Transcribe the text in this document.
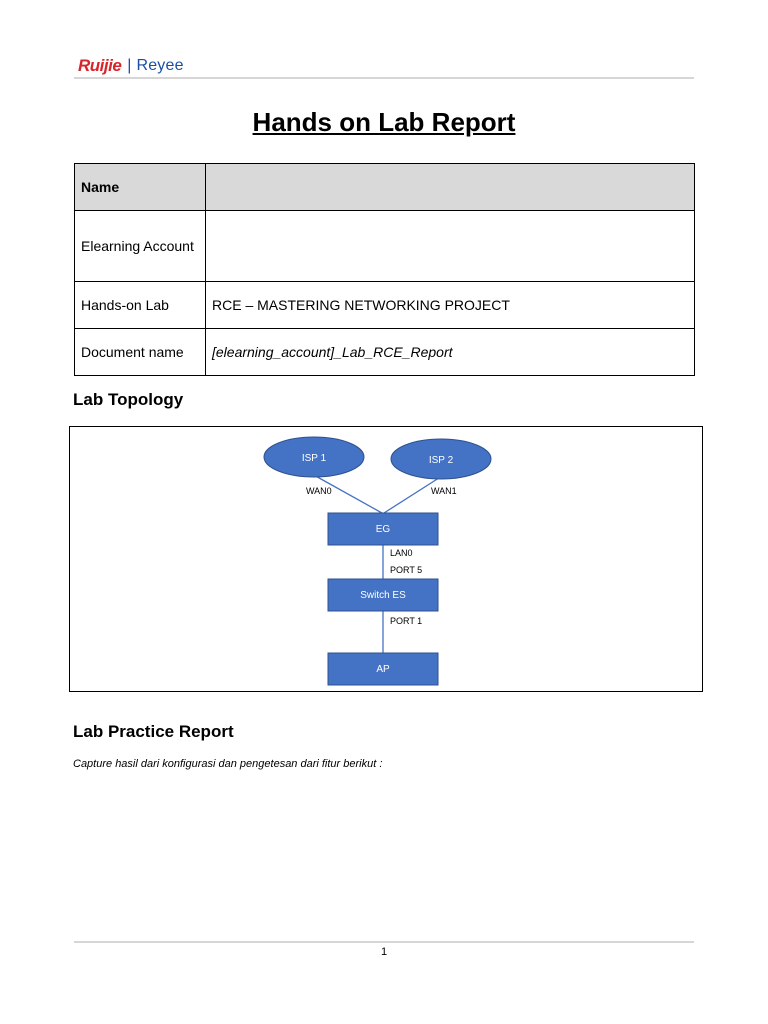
Ruijie | Reyee
Hands on Lab Report
Name	
Elearning Account	
Hands-on Lab	RCE – MASTERING NETWORKING PROJECT
Document name	[elearning_account]_Lab_RCE_Report
Lab Topology
ISP 1	ISP 2
WAN0	WAN1
EG
LAN0
PORT 5
Switch ES
PORT 1
AP
Lab Practice Report
Capture hasil dari konfigurasi dan pengetesan dari fitur berikut :
1
